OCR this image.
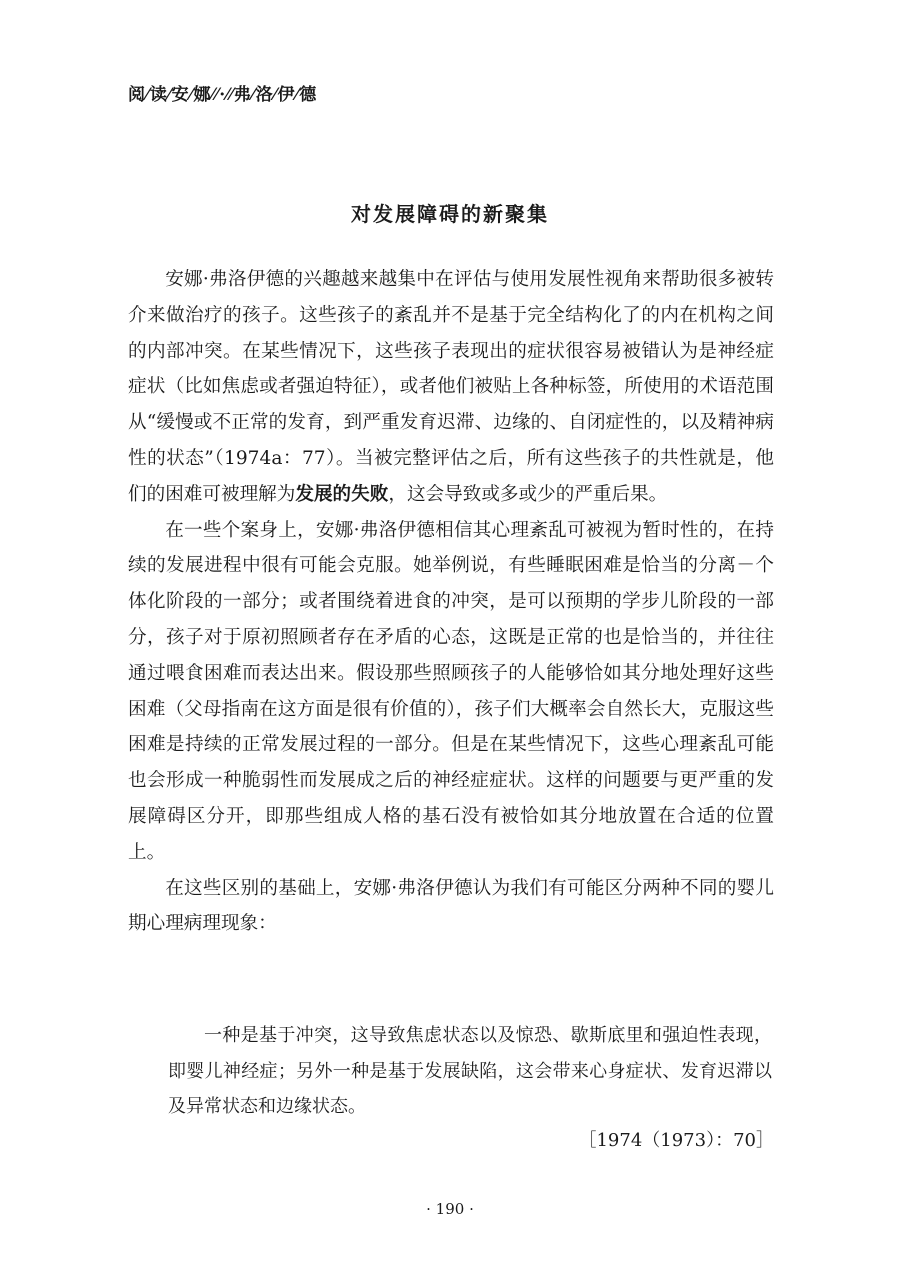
阅⁄读⁄安⁄娜⁄⁄·⁄⁄弗⁄洛⁄伊⁄德
对发展障碍的新聚集

安娜·弗洛伊德的兴趣越来越集中在评估与使用发展性视角来帮助很多被转介来做治疗的孩子。这些孩子的紊乱并不是基于完全结构化了的内在机构之间的内部冲突。在某些情况下，这些孩子表现出的症状很容易被错认为是神经症症状（比如焦虑或者强迫特征），或者他们被贴上各种标签，所使用的术语范围从“缓慢或不正常的发育，到严重发育迟滞、边缘的、自闭症性的，以及精神病性的状态”（1974a：77）。当被完整评估之后，所有这些孩子的共性就是，他们的困难可被理解为发展的失败，这会导致或多或少的严重后果。

在一些个案身上，安娜·弗洛伊德相信其心理紊乱可被视为暂时性的，在持续的发展进程中很有可能会克服。她举例说，有些睡眠困难是恰当的分离－个体化阶段的一部分；或者围绕着进食的冲突，是可以预期的学步儿阶段的一部分，孩子对于原初照顾者存在矛盾的心态，这既是正常的也是恰当的，并往往通过喂食困难而表达出来。假设那些照顾孩子的人能够恰如其分地处理好这些困难（父母指南在这方面是很有价值的），孩子们大概率会自然长大，克服这些困难是持续的正常发展过程的一部分。但是在某些情况下，这些心理紊乱可能也会形成一种脆弱性而发展成之后的神经症症状。这样的问题要与更严重的发展障碍区分开，即那些组成人格的基石没有被恰如其分地放置在合适的位置上。

在这些区别的基础上，安娜·弗洛伊德认为我们有可能区分两种不同的婴儿期心理病理现象：

一种是基于冲突，这导致焦虑状态以及惊恐、歇斯底里和强迫性表现，即婴儿神经症；另外一种是基于发展缺陷，这会带来心身症状、发育迟滞以及异常状态和边缘状态。

［1974（1973）：70］
· 190 ·
